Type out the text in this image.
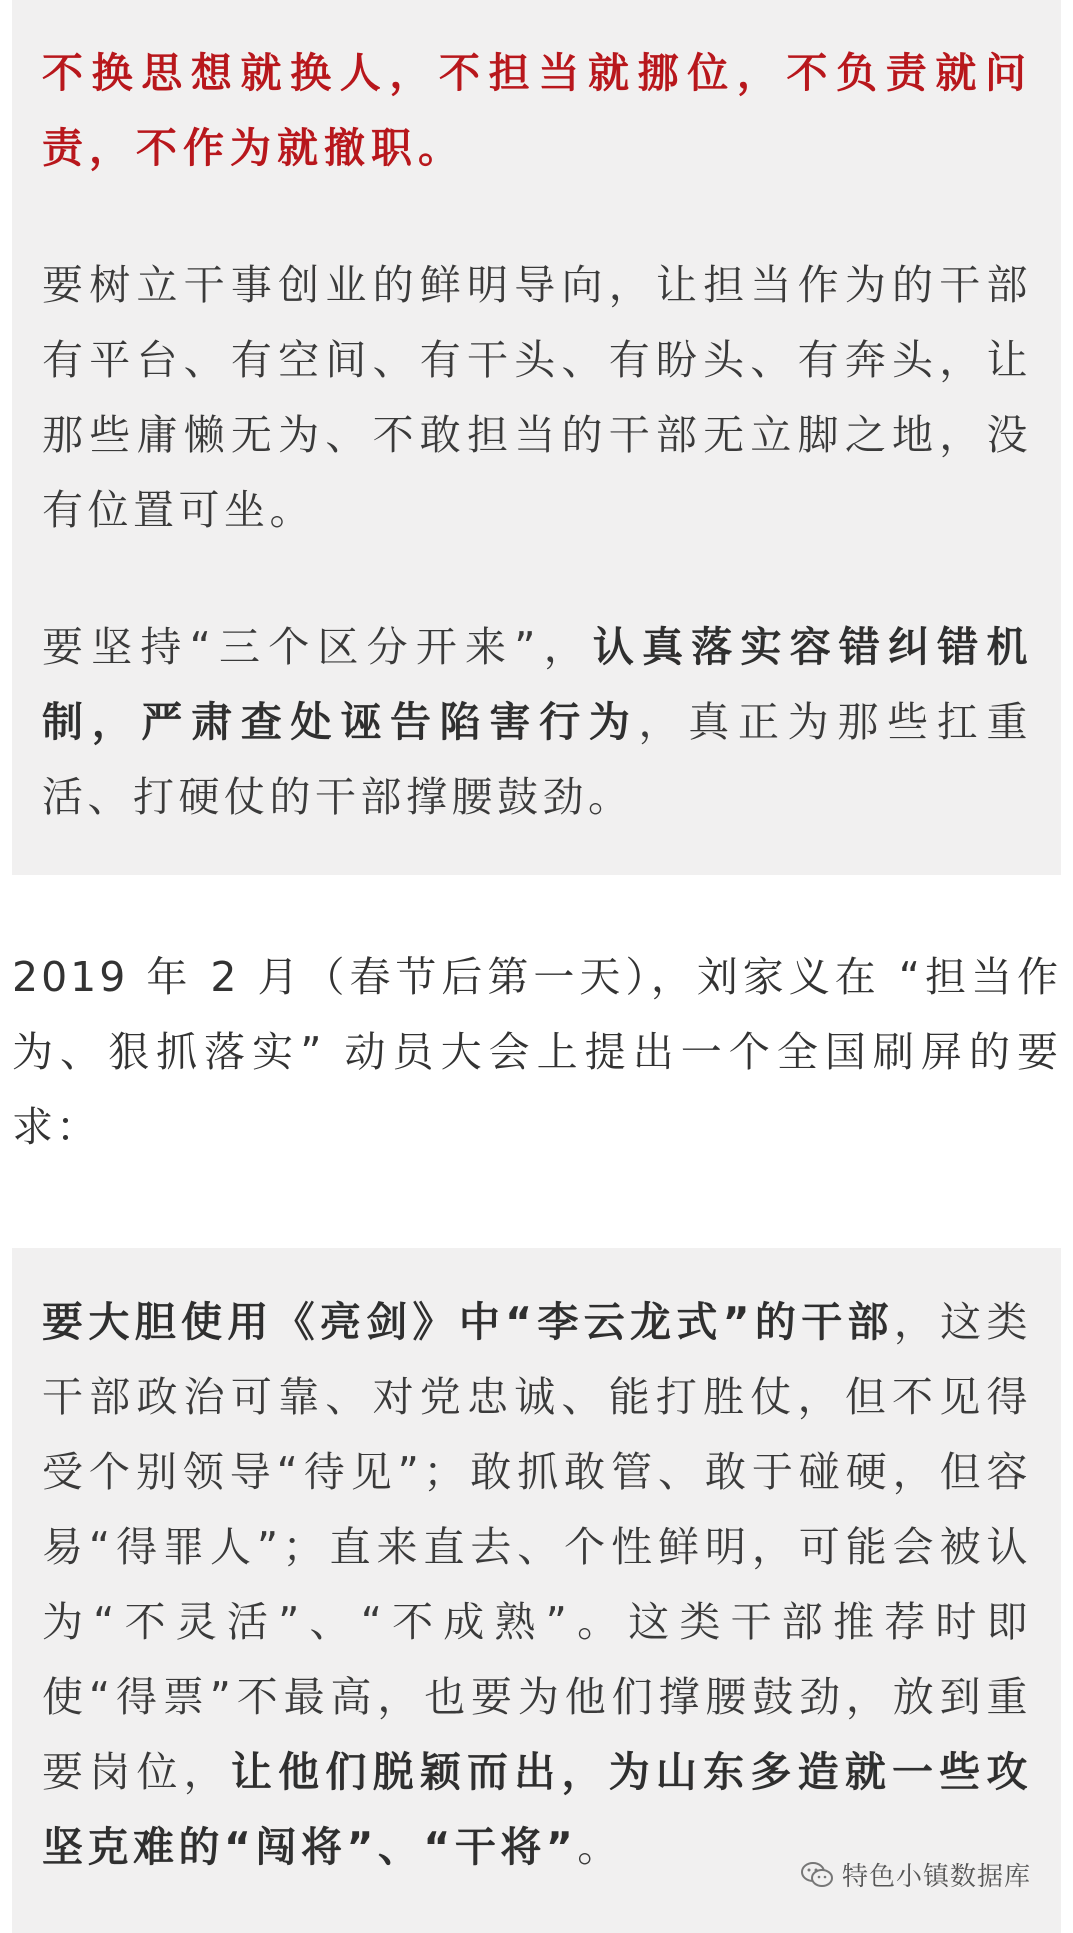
不换思想就换人，不担当就挪位，不负责就问责，不作为就撤职。

要树立干事创业的鲜明导向，让担当作为的干部有平台、有空间、有干头、有盼头、有奔头，让那些庸懒无为、不敢担当的干部无立脚之地，没有位置可坐。

要坚持“三个区分开来”，认真落实容错纠错机制，严肃查处诬告陷害行为，真正为那些扛重活、打硬仗的干部撑腰鼓劲。

2019 年 2 月（春节后第一天），刘家义在 “担当作为、狠抓落实” 动员大会上提出一个全国刷屏的要求：

要大胆使用《亮剑》中“李云龙式”的干部，这类干部政治可靠、对党忠诚、能打胜仗，但不见得受个别领导“待见”；敢抓敢管、敢于碰硬，但容易“得罪人”；直来直去、个性鲜明，可能会被认为“不灵活”、“不成熟”。这类干部推荐时即使“得票”不最高，也要为他们撑腰鼓劲，放到重要岗位，让他们脱颖而出，为山东多造就一些攻坚克难的“闯将”、“干将”。

特色小镇数据库
